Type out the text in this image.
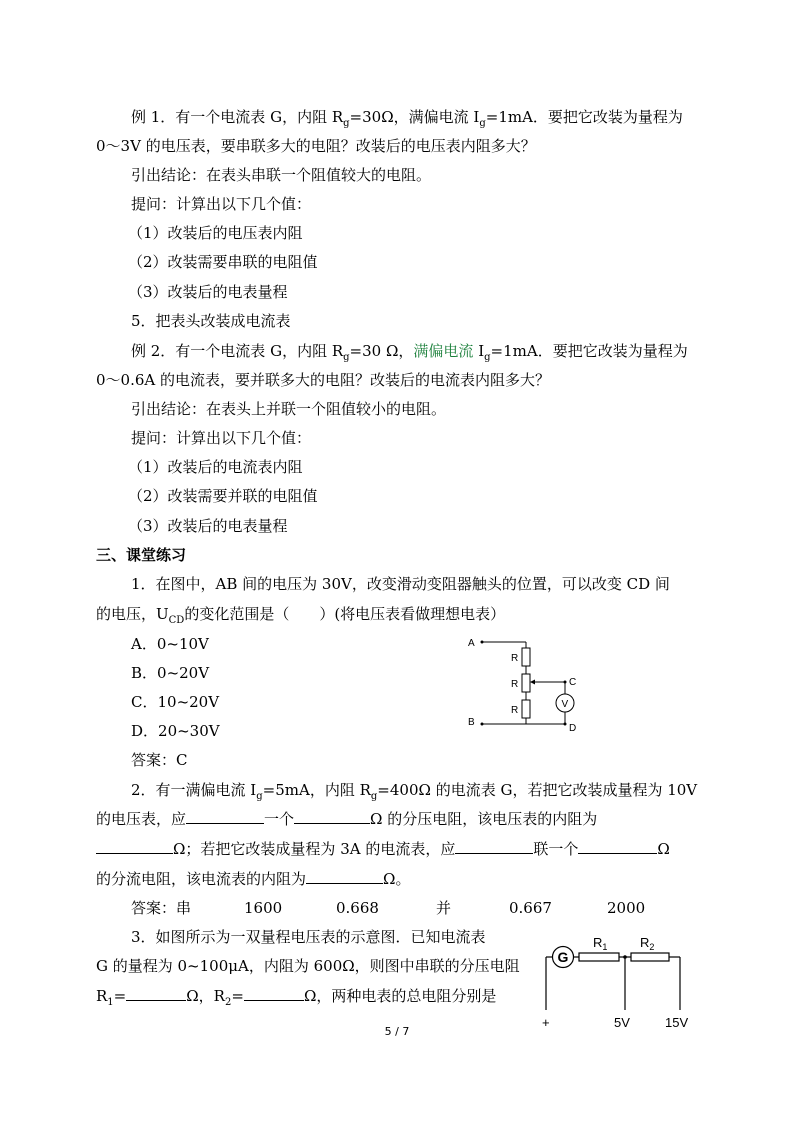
例 1．有一个电流表 G，内阻 $R_g=30\Omega$，满偏电流 $I_g=1mA$．要把它改装为量程为
0～3V 的电压表，要串联多大的电阻？改装后的电压表内阻多大？
引出结论：在表头串联一个阻值较大的电阻。
提问：计算出以下几个值：
（1）改装后的电压表内阻
（2）改装需要串联的电阻值
（3）改装后的电表量程
5．把表头改装成电流表
例 2．有一个电流表 G，内阻 $R_g=30$ Ω，满偏电流 $I_g=1mA$．要把它改装为量程为
0～0.6A 的电流表，要并联多大的电阻？改装后的电流表内阻多大？
引出结论：在表头上并联一个阻值较小的电阻。
提问：计算出以下几个值：
（1）改装后的电流表内阻
（2）改装需要并联的电阻值
（3）改装后的电表量程
三、课堂练习
1．在图中，AB 间的电压为 30V，改变滑动变阻器触头的位置，可以改变 CD 间
的电压，$U_{CD}$的变化范围是（　　）(将电压表看做理想电表）
A．0~10V
B．0~20V
C．10~20V
D．20~30V
答案：C
A
B
C
D
R
R
R
V
2．有一满偏电流 $I_g=5mA$，内阻 $R_g=400\Omega$ 的电流表 G，若把它改装成量程为 10V
的电压表，应	一个	Ω 的分压电阻，该电压表的内阻为
Ω；若把它改装成量程为 3A 的电流表，应	联一个	Ω
的分流电阻，该电流表的内阻为	Ω。
答案：串	1600	0.668	并	0.667	2000
3．如图所示为一双量程电压表的示意图．已知电流表
G 的量程为 0~100μA，内阻为 600Ω，则图中串联的分压电阻
$R_1=$	Ω，$R_2=$	Ω，两种电表的总电阻分别是
G
$R_1$	$R_2$
+	5V	15V
5 / 7
